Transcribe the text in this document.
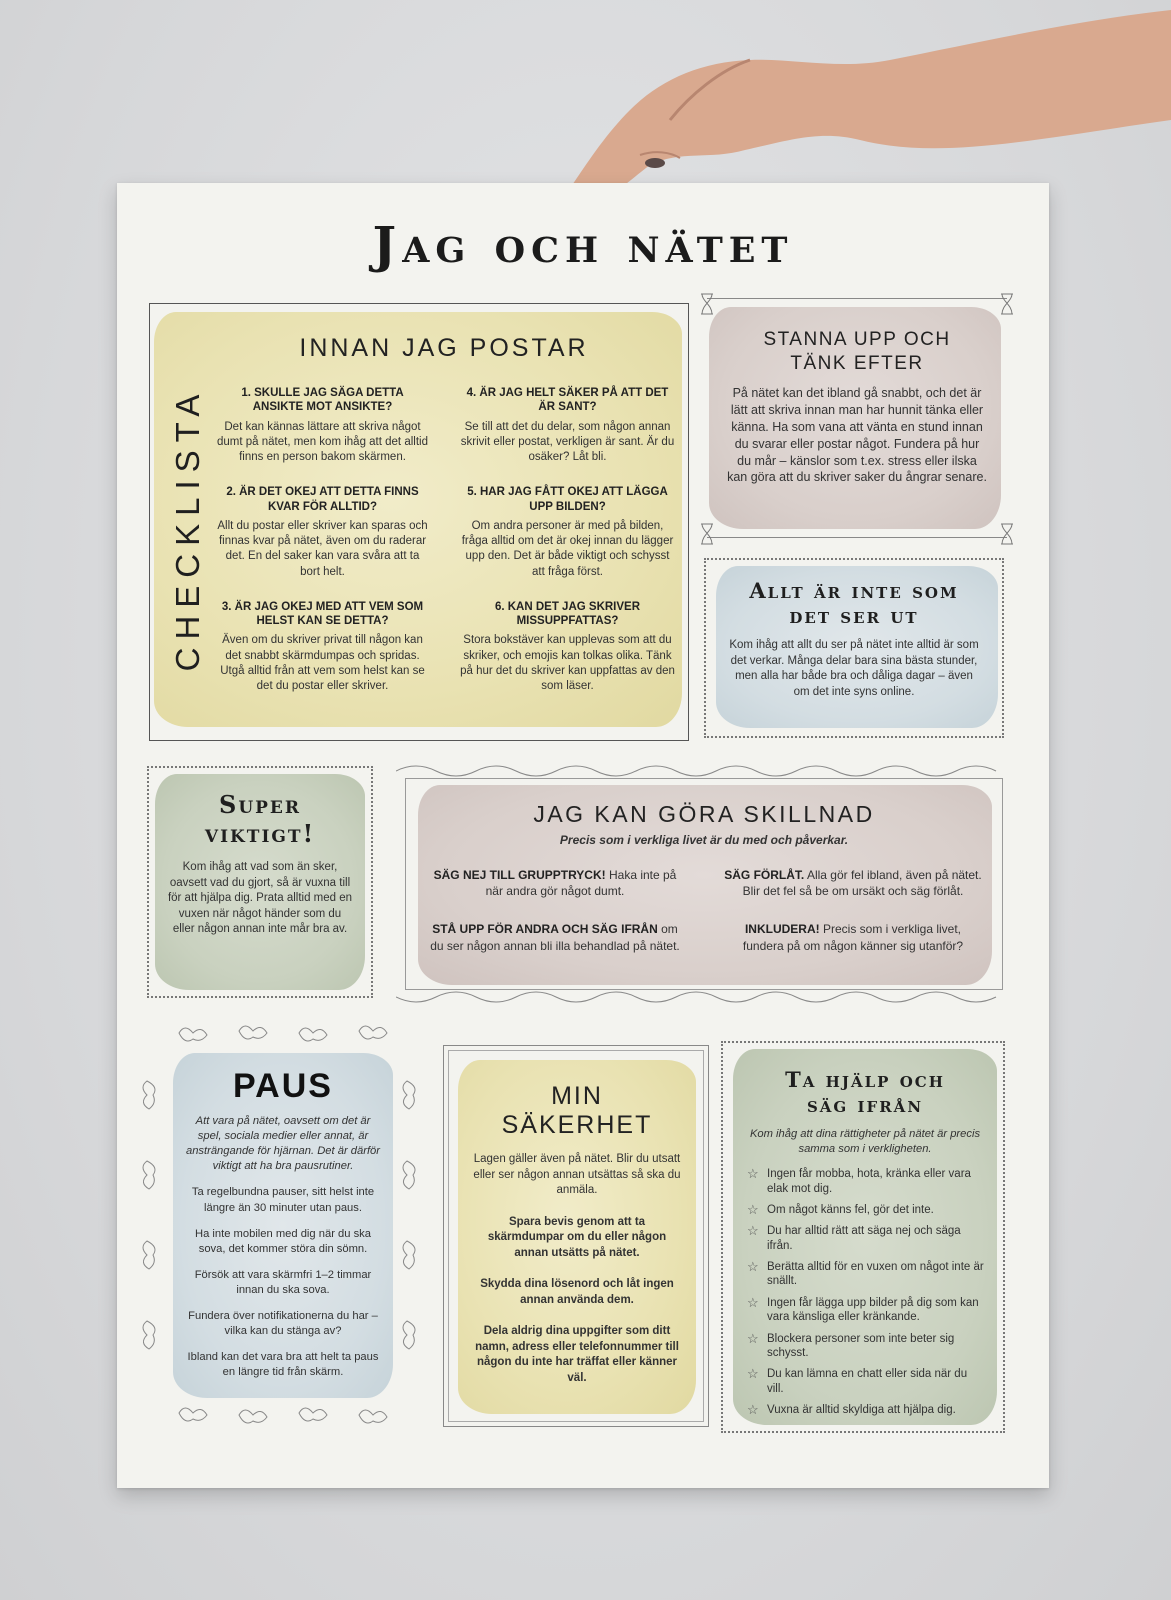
Jag och nätet
INNAN JAG POSTAR
CHECKLISTA	1. SKULLE JAG SÄGA DETTA ANSIKTE MOT ANSIKTE?
Det kan kännas lättare att skriva något dumt på nätet, men kom ihåg att det alltid finns en person bakom skärmen.
4. ÄR JAG HELT SÄKER PÅ ATT DET ÄR SANT?
Se till att det du delar, som någon annan skrivit eller postat, verkligen är sant. Är du osäker? Låt bli.
2. ÄR DET OKEJ ATT DETTA FINNS KVAR FÖR ALLTID?
Allt du postar eller skriver kan sparas och finnas kvar på nätet, även om du raderar det. En del saker kan vara svåra att ta bort helt.
5. HAR JAG FÅTT OKEJ ATT LÄGGA UPP BILDEN?
Om andra personer är med på bilden, fråga alltid om det är okej innan du lägger upp den. Det är både viktigt och schysst att fråga först.
3. ÄR JAG OKEJ MED ATT VEM SOM HELST KAN SE DETTA?
Även om du skriver privat till någon kan det snabbt skärmdumpas och spridas. Utgå alltid från att vem som helst kan se det du postar eller skriver.
6. KAN DET JAG SKRIVER MISSUPPFATTAS?
Stora bokstäver kan upplevas som att du skriker, och emojis kan tolkas olika. Tänk på hur det du skriver kan uppfattas av den som läser.
STANNA UPP OCH
TÄNK EFTER
På nätet kan det ibland gå snabbt, och det är lätt att skriva innan man har hunnit tänka eller känna. Ha som vana att vänta en stund innan du svarar eller postar något. Fundera på hur du mår – känslor som t.ex. stress eller ilska kan göra att du skriver saker du ångrar senare.
Allt är inte som
det ser ut
Kom ihåg att allt du ser på nätet inte alltid är som det verkar. Många delar bara sina bästa stunder, men alla har både bra och dåliga dagar – även om det inte syns online.
Super
viktigt!
Kom ihåg att vad som än sker, oavsett vad du gjort, så är vuxna till för att hjälpa dig. Prata alltid med en vuxen när något händer som du eller någon annan inte mår bra av.
JAG KAN GÖRA SKILLNAD
Precis som i verkliga livet är du med och påverkar.

SÄG NEJ TILL GRUPPTRYCK! Haka inte på när andra gör något dumt.

SÄG FÖRLÅT. Alla gör fel ibland, även på nätet. Blir det fel så be om ursäkt och säg förlåt.

STÅ UPP FÖR ANDRA OCH SÄG IFRÅN om du ser någon annan bli illa behandlad på nätet.

INKLUDERA! Precis som i verkliga livet, fundera på om någon känner sig utanför?

PAUS

Att vara på nätet, oavsett om det är spel, sociala medier eller annat, är ansträngande för hjärnan. Det är därför viktigt att ha bra pausrutiner.

Ta regelbundna pauser, sitt helst inte längre än 30 minuter utan paus.

Ha inte mobilen med dig när du ska sova, det kommer störa din sömn.

Försök att vara skärmfri 1–2 timmar innan du ska sova.

Fundera över notifikationerna du har – vilka kan du stänga av?

Ibland kan det vara bra att helt ta paus en längre tid från skärm.

MIN
SÄKERHET

Lagen gäller även på nätet. Blir du utsatt eller ser någon annan utsättas så ska du anmäla.

Spara bevis genom att ta skärmdumpar om du eller någon annan utsätts på nätet.

Skydda dina lösenord och låt ingen annan använda dem.

Dela aldrig dina uppgifter som ditt namn, adress eller telefonnummer till någon du inte har träffat eller känner väl.

Ta hjälp och
säg ifrån
Kom ihåg att dina rättigheter på nätet är precis samma som i verkligheten.
☆ Ingen får mobba, hota, kränka eller vara elak mot dig.
☆ Om något känns fel, gör det inte.
☆ Du har alltid rätt att säga nej och säga ifrån.
☆ Berätta alltid för en vuxen om något inte är snällt.
☆ Ingen får lägga upp bilder på dig som kan vara känsliga eller kränkande.
☆ Blockera personer som inte beter sig schysst.
☆ Du kan lämna en chatt eller sida när du vill.
☆ Vuxna är alltid skyldiga att hjälpa dig.
